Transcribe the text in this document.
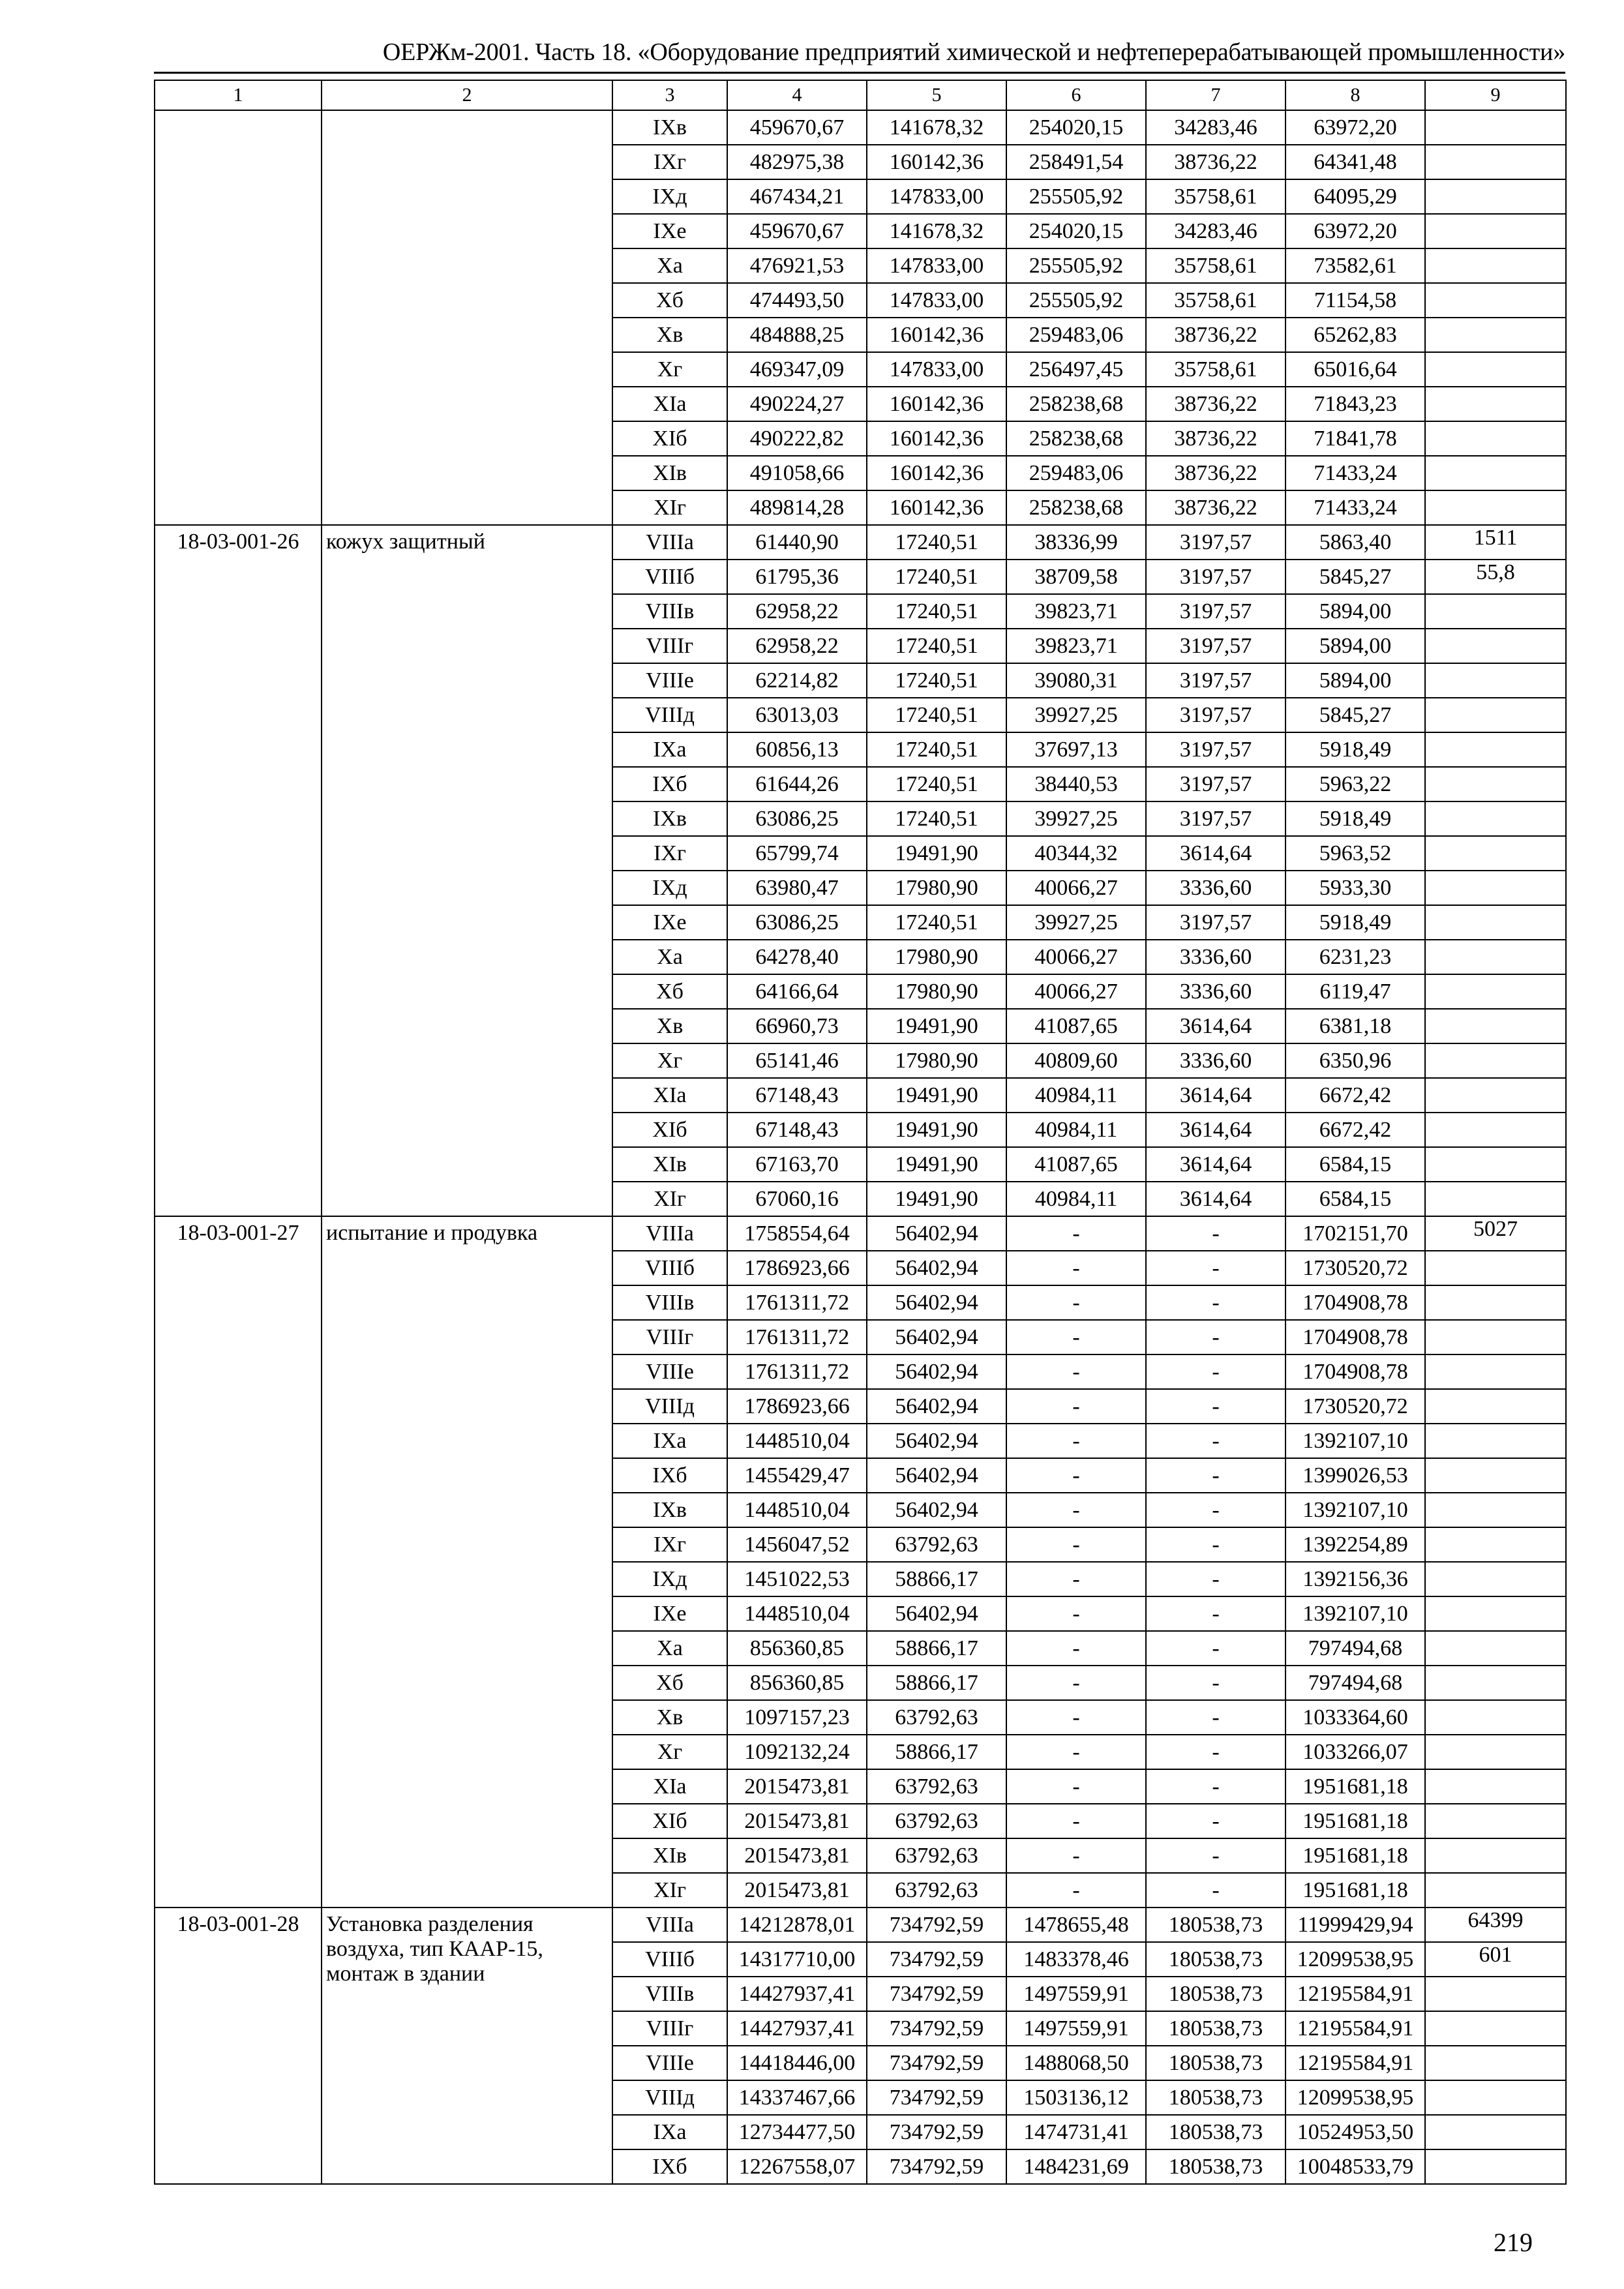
ОЕРЖм-2001. Часть 18. «Оборудование предприятий химической и нефтеперерабатывающей промышленности»
1	2	3	4	5	6	7	8	9
		IXв	459670,67	141678,32	254020,15	34283,46	63972,20	
		IXг	482975,38	160142,36	258491,54	38736,22	64341,48	
		IXд	467434,21	147833,00	255505,92	35758,61	64095,29	
		IXе	459670,67	141678,32	254020,15	34283,46	63972,20	
		Xа	476921,53	147833,00	255505,92	35758,61	73582,61	
		Xб	474493,50	147833,00	255505,92	35758,61	71154,58	
		Xв	484888,25	160142,36	259483,06	38736,22	65262,83	
		Xг	469347,09	147833,00	256497,45	35758,61	65016,64	
		XIа	490224,27	160142,36	258238,68	38736,22	71843,23	
		XIб	490222,82	160142,36	258238,68	38736,22	71841,78	
		XIв	491058,66	160142,36	259483,06	38736,22	71433,24	
		XIг	489814,28	160142,36	258238,68	38736,22	71433,24	
18-03-001-26	кожух защитный	VIIIа	61440,90	17240,51	38336,99	3197,57	5863,40	1511
		VIIIб	61795,36	17240,51	38709,58	3197,57	5845,27	55,8
		VIIIв	62958,22	17240,51	39823,71	3197,57	5894,00	
		VIIIг	62958,22	17240,51	39823,71	3197,57	5894,00	
		VIIIе	62214,82	17240,51	39080,31	3197,57	5894,00	
		VIIIд	63013,03	17240,51	39927,25	3197,57	5845,27	
		IXа	60856,13	17240,51	37697,13	3197,57	5918,49	
		IXб	61644,26	17240,51	38440,53	3197,57	5963,22	
		IXв	63086,25	17240,51	39927,25	3197,57	5918,49	
		IXг	65799,74	19491,90	40344,32	3614,64	5963,52	
		IXд	63980,47	17980,90	40066,27	3336,60	5933,30	
		IXе	63086,25	17240,51	39927,25	3197,57	5918,49	
		Xа	64278,40	17980,90	40066,27	3336,60	6231,23	
		Xб	64166,64	17980,90	40066,27	3336,60	6119,47	
		Xв	66960,73	19491,90	41087,65	3614,64	6381,18	
		Xг	65141,46	17980,90	40809,60	3336,60	6350,96	
		XIа	67148,43	19491,90	40984,11	3614,64	6672,42	
		XIб	67148,43	19491,90	40984,11	3614,64	6672,42	
		XIв	67163,70	19491,90	41087,65	3614,64	6584,15	
		XIг	67060,16	19491,90	40984,11	3614,64	6584,15	
18-03-001-27	испытание и продувка	VIIIа	1758554,64	56402,94	-	-	1702151,70	5027
		VIIIб	1786923,66	56402,94	-	-	1730520,72	
		VIIIв	1761311,72	56402,94	-	-	1704908,78	
		VIIIг	1761311,72	56402,94	-	-	1704908,78	
		VIIIе	1761311,72	56402,94	-	-	1704908,78	
		VIIIд	1786923,66	56402,94	-	-	1730520,72	
		IXа	1448510,04	56402,94	-	-	1392107,10	
		IXб	1455429,47	56402,94	-	-	1399026,53	
		IXв	1448510,04	56402,94	-	-	1392107,10	
		IXг	1456047,52	63792,63	-	-	1392254,89	
		IXд	1451022,53	58866,17	-	-	1392156,36	
		IXе	1448510,04	56402,94	-	-	1392107,10	
		Xа	856360,85	58866,17	-	-	797494,68	
		Xб	856360,85	58866,17	-	-	797494,68	
		Xв	1097157,23	63792,63	-	-	1033364,60	
		Xг	1092132,24	58866,17	-	-	1033266,07	
		XIа	2015473,81	63792,63	-	-	1951681,18	
		XIб	2015473,81	63792,63	-	-	1951681,18	
		XIв	2015473,81	63792,63	-	-	1951681,18	
		XIг	2015473,81	63792,63	-	-	1951681,18	
18-03-001-28	Установка разделения воздуха, тип КААР-15, монтаж в здании	VIIIа	14212878,01	734792,59	1478655,48	180538,73	11999429,94	64399
		VIIIб	14317710,00	734792,59	1483378,46	180538,73	12099538,95	601
		VIIIв	14427937,41	734792,59	1497559,91	180538,73	12195584,91	
		VIIIг	14427937,41	734792,59	1497559,91	180538,73	12195584,91	
		VIIIе	14418446,00	734792,59	1488068,50	180538,73	12195584,91	
		VIIIд	14337467,66	734792,59	1503136,12	180538,73	12099538,95	
		IXа	12734477,50	734792,59	1474731,41	180538,73	10524953,50	
		IXб	12267558,07	734792,59	1484231,69	180538,73	10048533,79	
219
